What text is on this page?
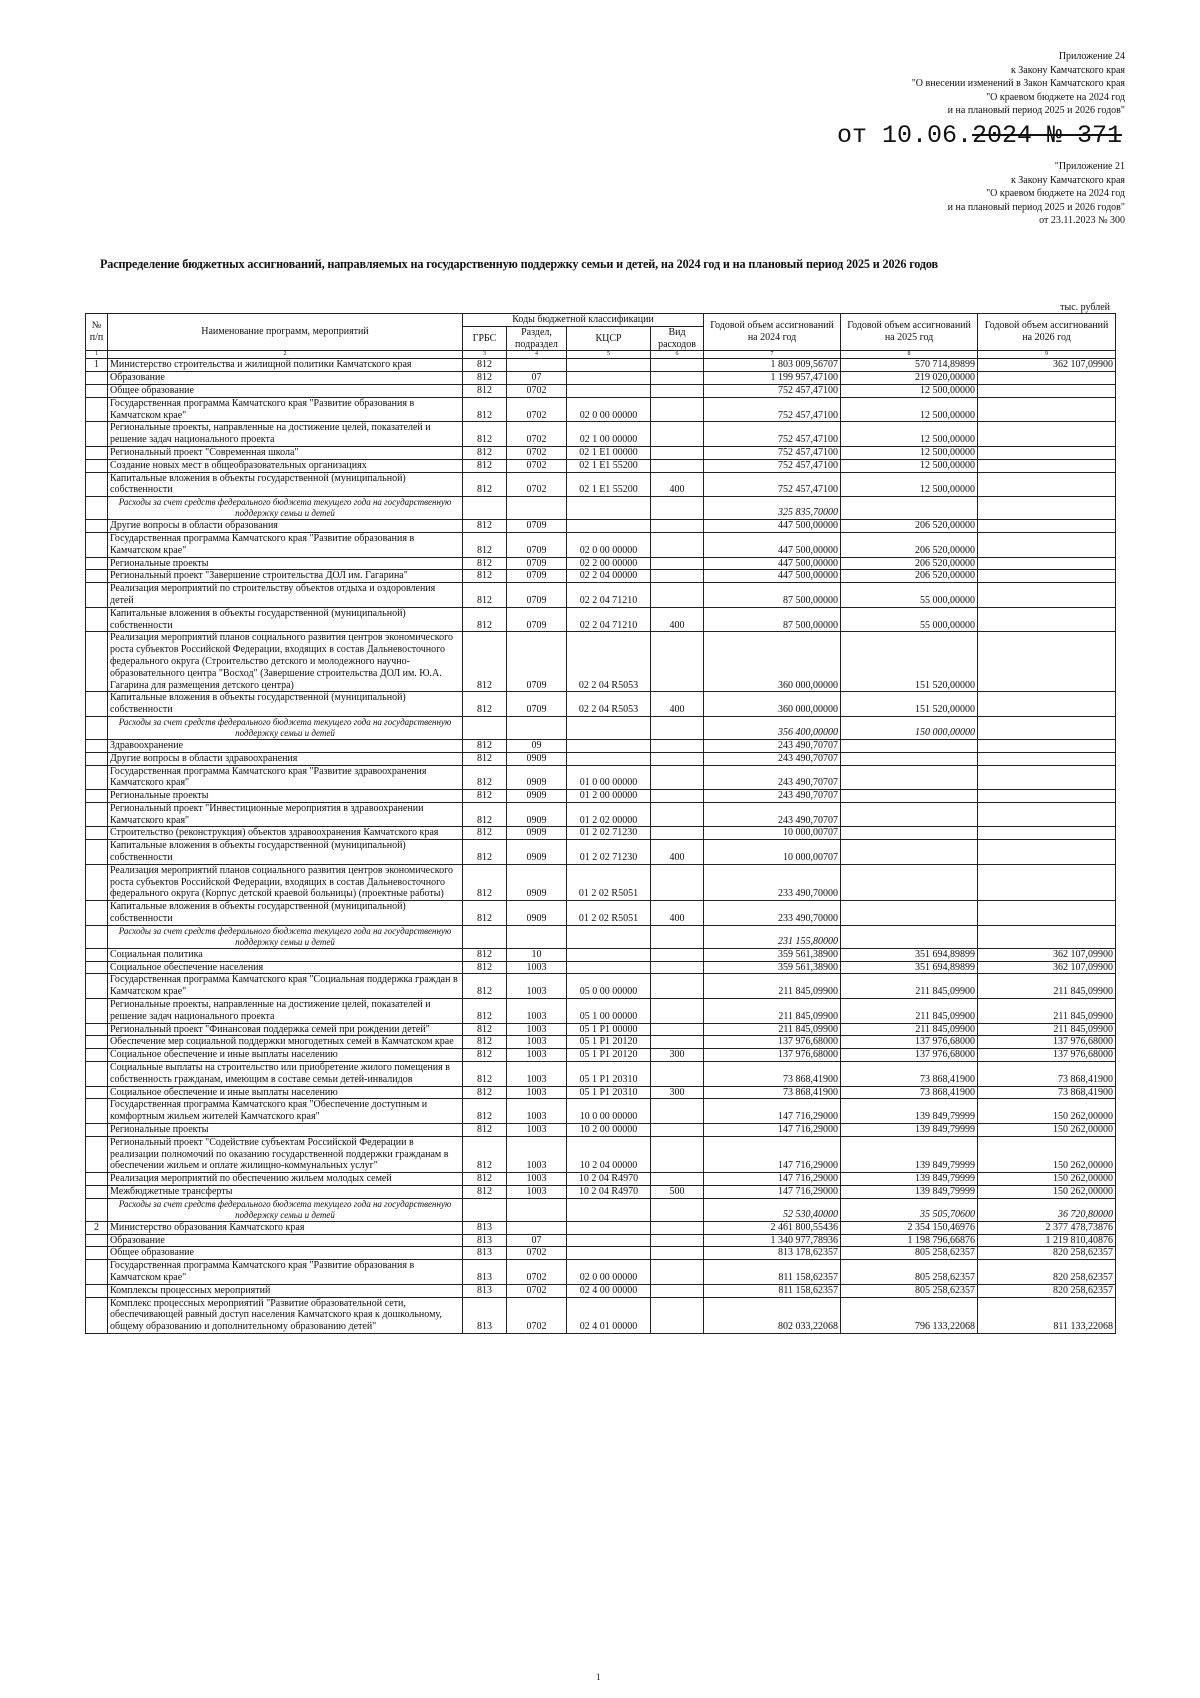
Приложение 24
к Закону Камчатского края
"О внесении изменений в Закон Камчатского края
"О краевом бюджете на 2024 год
и на плановый период 2025 и 2026 годов"
от 10.06.2024 № 371
"Приложение 21
к Закону Камчатского края
"О краевом бюджете на 2024 год
и на плановый период 2025 и 2026 годов"
от 23.11.2023 № 300
Распределение бюджетных ассигнований, направляемых на государственную поддержку семьи и детей, на 2024 год и на плановый период 2025 и 2026 годов
тыс. рублей
№ п/п	Наименование программ, мероприятий	Коды бюджетной классификации				Годовой объем ассигнований на 2024 год	Годовой объем ассигнований на 2025 год	Годовой объем ассигнований на 2026 год
		ГРБС	Раздел, подраздел	КЦСР	Вид расходов			
1	2	3	4	5	6	7	8	9
1	Министерство строительства и жилищной политики Камчатского края	812				1 803 009,56707	570 714,89899	362 107,09900
	Образование	812	07			1 199 957,47100	219 020,00000	
	Общее образование	812	0702			752 457,47100	12 500,00000	
	Государственная программа Камчатского края "Развитие образования в Камчатском крае"	812	0702	02 0 00 00000		752 457,47100	12 500,00000	
	Региональные проекты, направленные на достижение целей, показателей и решение задач национального проекта	812	0702	02 1 00 00000		752 457,47100	12 500,00000	
	Региональный проект "Современная школа"	812	0702	02 1 E1 00000		752 457,47100	12 500,00000	
	Создание новых мест в общеобразовательных организациях	812	0702	02 1 E1 55200		752 457,47100	12 500,00000	
	Капитальные вложения в объекты государственной (муниципальной) собственности	812	0702	02 1 E1 55200	400	752 457,47100	12 500,00000	
	Расходы за счет средств федерального бюджета текущего года на государственную поддержку семьи и детей					325 835,70000		
	Другие вопросы в области образования	812	0709			447 500,00000	206 520,00000	
	Государственная программа Камчатского края "Развитие образования в Камчатском крае"	812	0709	02 0 00 00000		447 500,00000	206 520,00000	
	Региональные проекты	812	0709	02 2 00 00000		447 500,00000	206 520,00000	
	Региональный проект "Завершение строительства ДОЛ им. Гагарина"	812	0709	02 2 04 00000		447 500,00000	206 520,00000	
	Реализация мероприятий по строительству объектов отдыха и оздоровления детей	812	0709	02 2 04 71210		87 500,00000	55 000,00000	
	Капитальные вложения в объекты государственной (муниципальной) собственности	812	0709	02 2 04 71210	400	87 500,00000	55 000,00000	
	Реализация мероприятий планов социального развития центров экономического роста субъектов Российской Федерации, входящих в состав Дальневосточного федерального округа (Строительство детского и молодежного научно-образовательного центра "Восход" (Завершение строительства ДОЛ им. Ю.А. Гагарина для размещения детского центра)	812	0709	02 2 04 R5053		360 000,00000	151 520,00000	
	Капитальные вложения в объекты государственной (муниципальной) собственности	812	0709	02 2 04 R5053	400	360 000,00000	151 520,00000	
	Расходы за счет средств федерального бюджета текущего года на государственную поддержку семьи и детей					356 400,00000	150 000,00000	
	Здравоохранение	812	09			243 490,70707		
	Другие вопросы в области здравоохранения	812	0909			243 490,70707		
	Государственная программа Камчатского края "Развитие здравоохранения Камчатского края"	812	0909	01 0 00 00000		243 490,70707		
	Региональные проекты	812	0909	01 2 00 00000		243 490,70707		
	Региональный проект "Инвестиционные мероприятия в здравоохранении Камчатского края"	812	0909	01 2 02 00000		243 490,70707		
	Строительство (реконструкция) объектов здравоохранения Камчатского края	812	0909	01 2 02 71230		10 000,00707		
	Капитальные вложения в объекты государственной (муниципальной) собственности	812	0909	01 2 02 71230	400	10 000,00707		
	Реализация мероприятий планов социального развития центров экономического роста субъектов Российской Федерации, входящих в состав Дальневосточного федерального округа (Корпус детской краевой больницы) (проектные работы)	812	0909	01 2 02 R5051		233 490,70000		
	Капитальные вложения в объекты государственной (муниципальной) собственности	812	0909	01 2 02 R5051	400	233 490,70000		
	Расходы за счет средств федерального бюджета текущего года на государственную поддержку семьи и детей					231 155,80000		
	Социальная политика	812	10			359 561,38900	351 694,89899	362 107,09900
	Социальное обеспечение населения	812	1003			359 561,38900	351 694,89899	362 107,09900
	Государственная программа Камчатского края "Социальная поддержка граждан в Камчатском крае"	812	1003	05 0 00 00000		211 845,09900	211 845,09900	211 845,09900
	Региональные проекты, направленные на достижение целей, показателей и решение задач национального проекта	812	1003	05 1 00 00000		211 845,09900	211 845,09900	211 845,09900
	Региональный проект "Финансовая поддержка семей при рождении детей"	812	1003	05 1 P1 00000		211 845,09900	211 845,09900	211 845,09900
	Обеспечение мер социальной поддержки многодетных семей в Камчатском крае	812	1003	05 1 P1 20120		137 976,68000	137 976,68000	137 976,68000
	Социальное обеспечение и иные выплаты населению	812	1003	05 1 P1 20120	300	137 976,68000	137 976,68000	137 976,68000
	Социальные выплаты на строительство или приобретение жилого помещения в собственность гражданам, имеющим в составе семьи детей-инвалидов	812	1003	05 1 P1 20310		73 868,41900	73 868,41900	73 868,41900
	Социальное обеспечение и иные выплаты населению	812	1003	05 1 P1 20310	300	73 868,41900	73 868,41900	73 868,41900
	Государственная программа Камчатского края "Обеспечение доступным и комфортным жильем жителей Камчатского края"	812	1003	10 0 00 00000		147 716,29000	139 849,79999	150 262,00000
	Региональные проекты	812	1003	10 2 00 00000		147 716,29000	139 849,79999	150 262,00000
	Региональный проект "Содействие субъектам Российской Федерации в реализации полномочий по оказанию государственной поддержки гражданам в обеспечении жильем и оплате жилищно-коммунальных услуг"	812	1003	10 2 04 00000		147 716,29000	139 849,79999	150 262,00000
	Реализация мероприятий по обеспечению жильем молодых семей	812	1003	10 2 04 R4970		147 716,29000	139 849,79999	150 262,00000
	Межбюджетные трансферты	812	1003	10 2 04 R4970	500	147 716,29000	139 849,79999	150 262,00000
	Расходы за счет средств федерального бюджета текущего года на государственную поддержку семьи и детей					52 530,40000	35 505,70600	36 720,80000
2	Министерство образования Камчатского края	813				2 461 800,55436	2 354 150,46976	2 377 478,73876
	Образование	813	07			1 340 977,78936	1 198 796,66876	1 219 810,40876
	Общее образование	813	0702			813 178,62357	805 258,62357	820 258,62357
	Государственная программа Камчатского края "Развитие образования в Камчатском крае"	813	0702	02 0 00 00000		811 158,62357	805 258,62357	820 258,62357
	Комплексы процессных мероприятий	813	0702	02 4 00 00000		811 158,62357	805 258,62357	820 258,62357
	Комплекс процессных мероприятий "Развитие образовательной сети, обеспечивающей равный доступ населения Камчатского края к дошкольному, общему образованию и дополнительному образованию детей"	813	0702	02 4 01 00000		802 033,22068	796 133,22068	811 133,22068
1
